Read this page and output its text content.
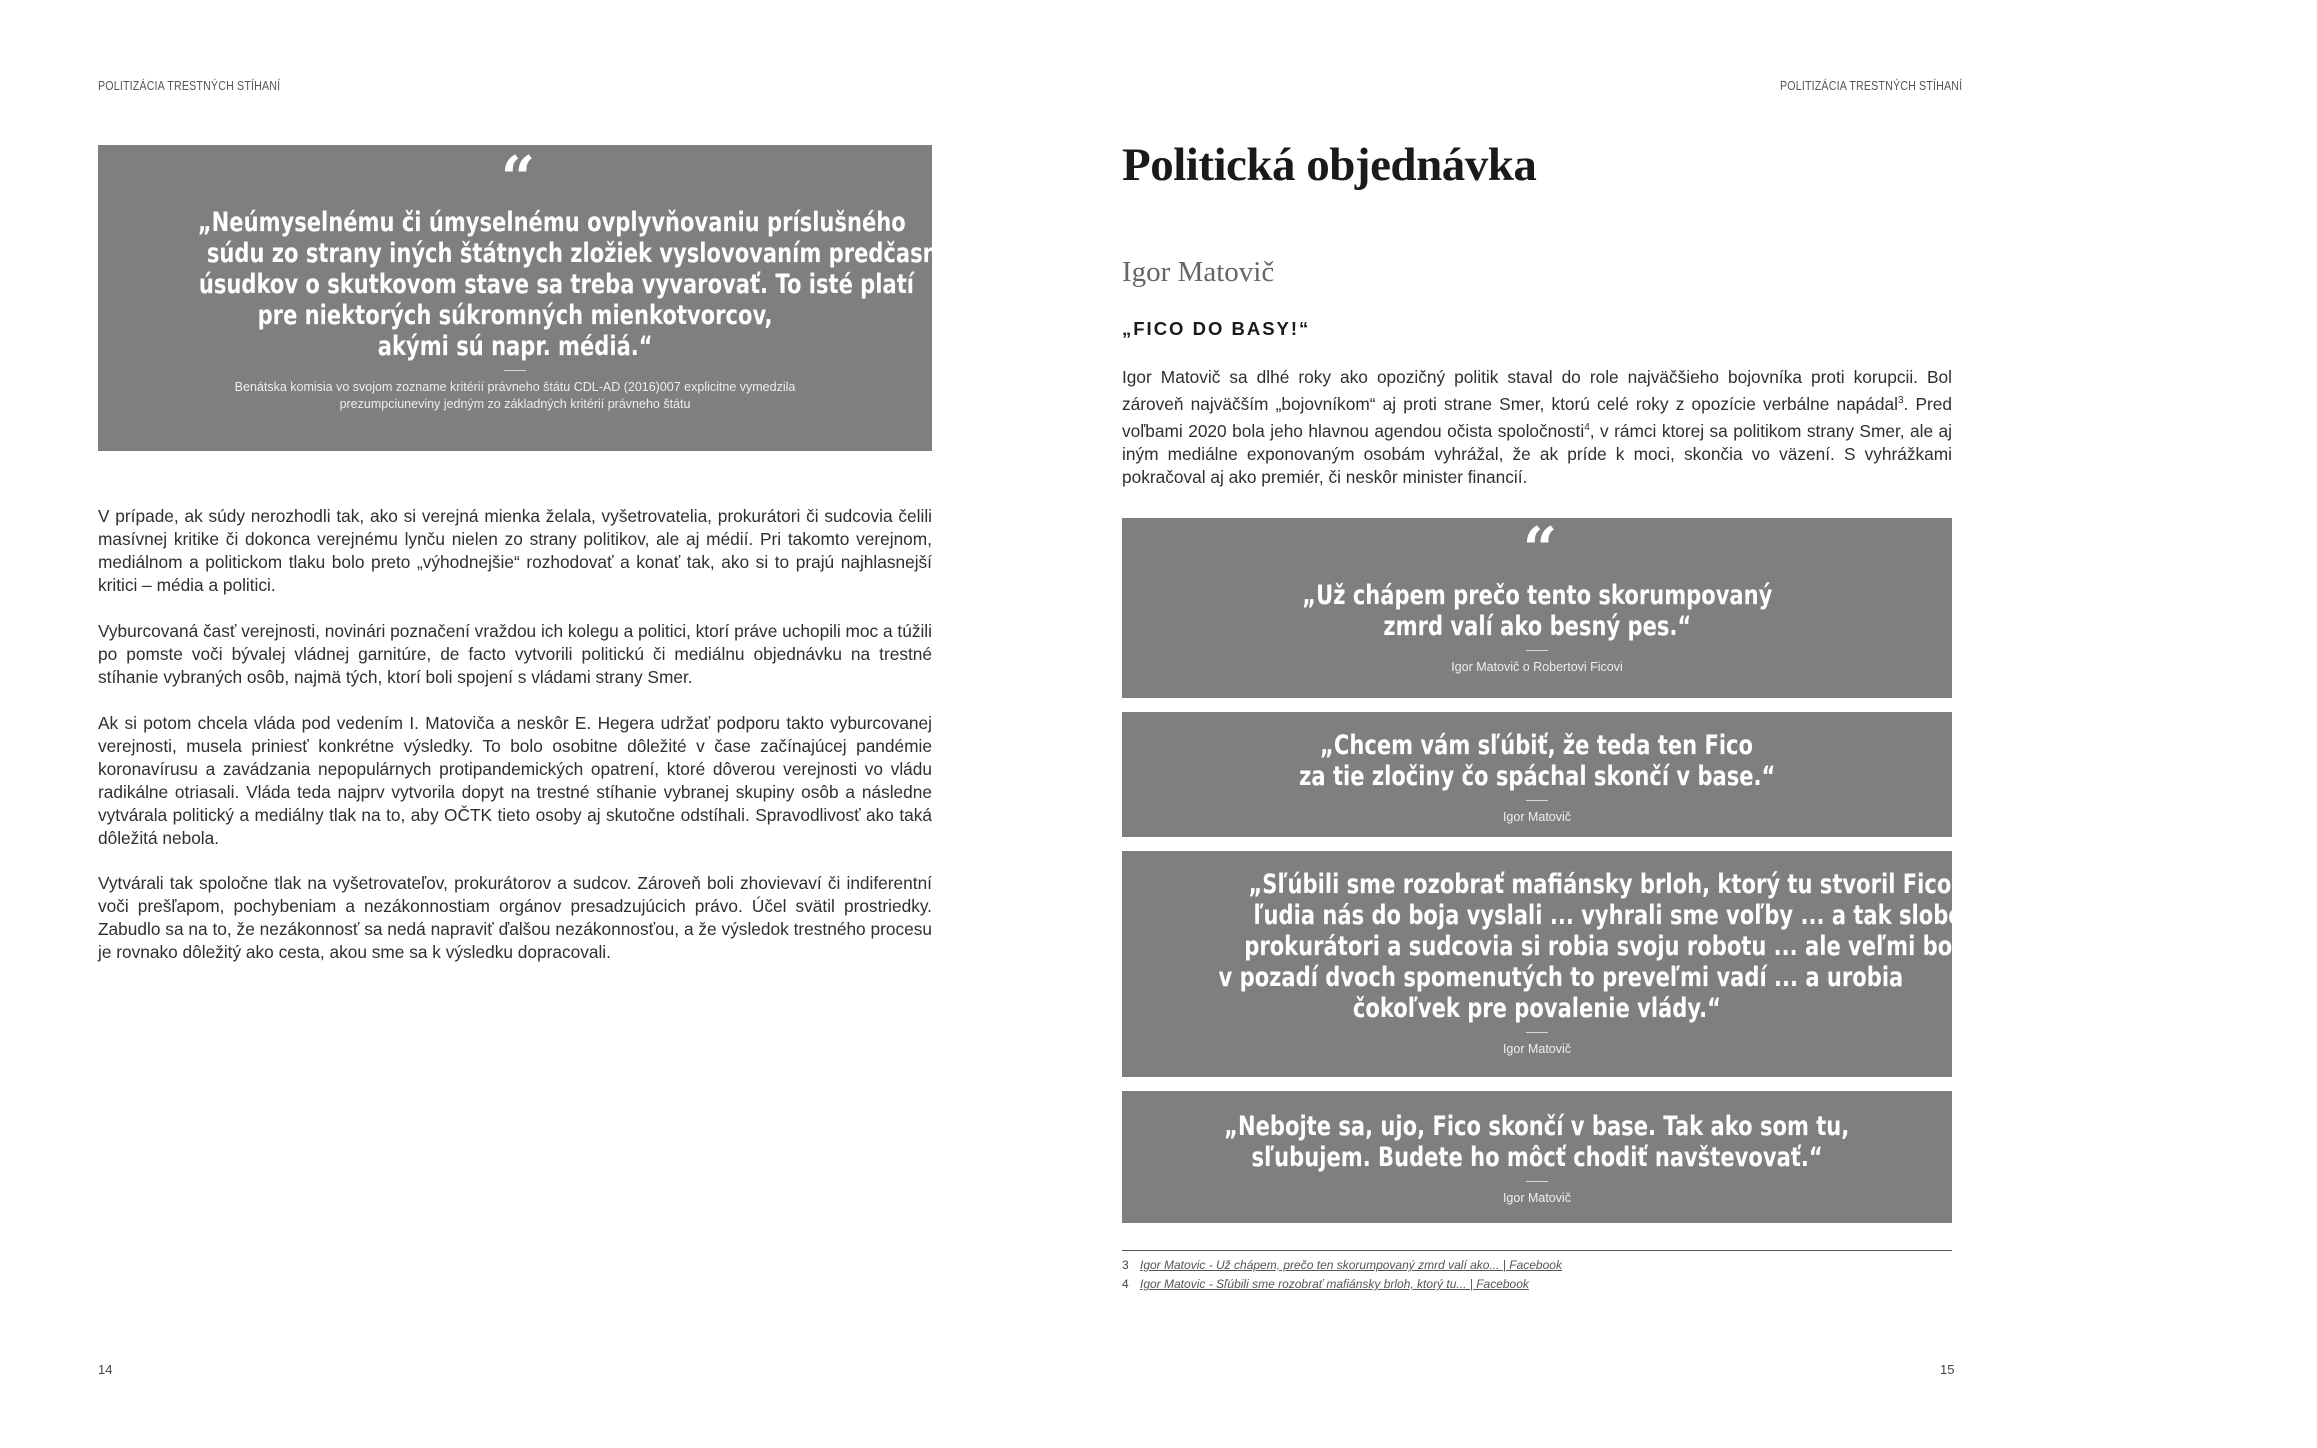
POLITIZÁCIA TRESTNÝCH STÍHANÍ
“
„Neúmyselnému či úmyselnému ovplyvňovaniu príslušného
súdu zo strany iných štátnych zložiek vyslovovaním predčasných
úsudkov o skutkovom stave sa treba vyvarovať. To isté platí
pre niektorých súkromných mienkotvorcov,
akými sú napr. médiá.“
Benátska komisia vo svojom zozname kritérií právneho štátu CDL-AD (2016)007 explicitne vymedzila
prezumpciuneviny jedným zo základných kritérií právneho štátu

V prípade, ak súdy nerozhodli tak, ako si verejná mienka želala, vyšetrovatelia, prokurátori či sudcovia čelili masívnej kritike či dokonca verejnému lynču nielen zo strany politikov, ale aj médií. Pri takomto verejnom, mediálnom a politickom tlaku bolo preto „výhodnejšie“ rozhodovať a konať tak, ako si to prajú najhlasnejší kritici – média a politici.

Vyburcovaná časť verejnosti, novinári poznačení vraždou ich kolegu a politici, ktorí práve uchopili moc a túžili po pomste voči bývalej vládnej garnitúre, de facto vytvorili politickú či mediálnu objednávku na trestné stíhanie vybraných osôb, najmä tých, ktorí boli spojení s vládami strany Smer.

Ak si potom chcela vláda pod vedením I. Matoviča a neskôr E. Hegera udržať podporu takto vyburcovanej verejnosti, musela priniesť konkrétne výsledky. To bolo osobitne dôležité v čase začínajúcej pandémie koronavírusu a zavádzania nepopulárnych protipandemických opatrení, ktoré dôverou verejnosti vo vládu radikálne otriasali. Vláda teda najprv vytvorila dopyt na trestné stíhanie vybranej skupiny osôb a následne vytvárala politický a mediálny tlak na to, aby OČTK tieto osoby aj skutočne odstíhali. Spravodlivosť ako taká dôležitá nebola.

Vytvárali tak spoločne tlak na vyšetrovateľov, prokurátorov a sudcov. Zároveň boli zhovievaví či indiferentní voči prešľapom, pochybeniam a nezákonnostiam orgánov presadzujúcich právo. Účel svätil prostriedky. Zabudlo sa na to, že nezákonnosť sa nedá napraviť ďalšou nezákonnosťou, a že výsledok trestného procesu je rovnako dôležitý ako cesta, akou sme sa k výsledku dopracovali.

14
POLITIZÁCIA TRESTNÝCH STÍHANÍ
Politická objednávka
Igor Matovič
„FICO DO BASY!“

Igor Matovič sa dlhé roky ako opozičný politik staval do role najväčšieho bojovníka proti korupcii. Bol zároveň najväčším „bojovníkom“ aj proti strane Smer, ktorú celé roky z opozície verbálne napádal$^3$. Pred voľbami 2020 bola jeho hlavnou agendou očista spoločnosti$^4$, v rámci ktorej sa politikom strany Smer, ale aj iným mediálne exponovaným osobám vyhrážal, že ak príde k moci, skončia vo väzení. S vyhrážkami pokračoval aj ako premiér, či neskôr minister financií.

“
„Už chápem prečo tento skorumpovaný
zmrd valí ako besný pes.“
Igor Matovič o Robertovi Ficovi
„Chcem vám sľúbiť, že teda ten Fico
za tie zločiny čo spáchal skončí v base.“
Igor Matovič
„Sľúbili sme rozobrať mafiánsky brloh, ktorý tu stvoril Fico s Pellegrinim ...
ľudia nás do boja vyslali ... vyhrali sme voľby ... a tak slobodní vyšetrovatelia,
prokurátori a sudcovia si robia svoju robotu ... ale veľmi bohatým ľuďom
v pozadí dvoch spomenutých to preveľmi vadí ... a urobia
čokoľvek pre povalenie vlády.“
Igor Matovič
„Nebojte sa, ujo, Fico skončí v base. Tak ako som tu,
sľubujem. Budete ho môcť chodiť navštevovať.“
Igor Matovič
3 Igor Matovic - Už chápem, prečo ten skorumpovaný zmrd valí ako... | Facebook
4 Igor Matovic - Sľúbili sme rozobrať mafiánsky brloh, ktorý tu... | Facebook
15
